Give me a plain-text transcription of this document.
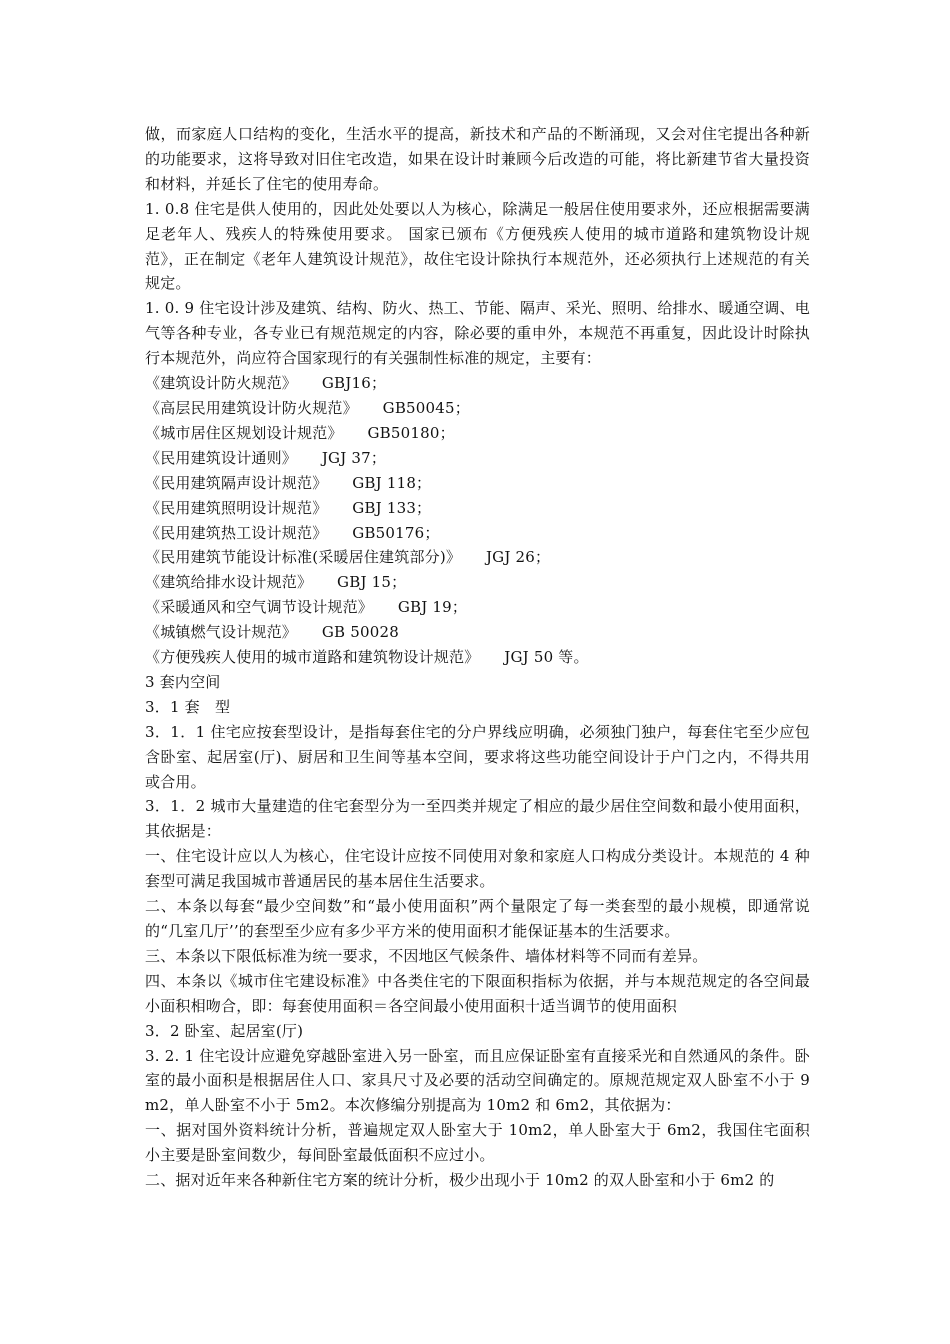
做，而家庭人口结构的变化，生活水平的提高，新技术和产品的不断涌现，又会对住宅提出各种新的功能要求，这将导致对旧住宅改造，如果在设计时兼顾今后改造的可能，将比新建节省大量投资和材料，并延长了住宅的使用寿命。

1. 0.8 住宅是供人使用的，因此处处要以人为核心，除满足一般居住使用要求外，还应根据需要满足老年人、残疾人的特殊使用要求。 国家已颁布《方便残疾人使用的城市道路和建筑物设计规范》，正在制定《老年人建筑设计规范》，故住宅设计除执行本规范外，还必须执行上述规范的有关规定。

1. 0. 9 住宅设计涉及建筑、结构、防火、热工、节能、隔声、采光、照明、给排水、暖通空调、电气等各种专业，各专业已有规范规定的内容，除必要的重申外，本规范不再重复，因此设计时除执行本规范外，尚应符合国家现行的有关强制性标准的规定，主要有：

《建筑设计防火规范》     GBJ16；

《高层民用建筑设计防火规范》     GB50045；

《城市居住区规划设计规范》     GB50180；

《民用建筑设计通则》     JGJ 37；

《民用建筑隔声设计规范》     GBJ 118；

《民用建筑照明设计规范》     GBJ 133；

《民用建筑热工设计规范》     GB50176；

《民用建筑节能设计标准(采暖居住建筑部分)》     JGJ 26；

《建筑给排水设计规范》     GBJ 15；

《采暖通风和空气调节设计规范》     GBJ 19；

《城镇燃气设计规范》     GB 50028

《方便残疾人使用的城市道路和建筑物设计规范》     JGJ 50 等。

3 套内空间

3．1 套　型

3．1．1 住宅应按套型设计，是指每套住宅的分户界线应明确，必须独门独户，每套住宅至少应包含卧室、起居室(厅)、厨居和卫生间等基本空间，要求将这些功能空间设计于户门之内，不得共用或合用。

3．1．2 城市大量建造的住宅套型分为一至四类并规定了相应的最少居住空间数和最小使用面积，其依据是：

一、住宅设计应以人为核心，住宅设计应按不同使用对象和家庭人口构成分类设计。本规范的 4 种套型可满足我国城市普通居民的基本居住生活要求。

二、本条以每套“最少空间数”和“最小使用面积”两个量限定了每一类套型的最小规模，即通常说的“几室几厅’’的套型至少应有多少平方米的使用面积才能保证基本的生活要求。

三、本条以下限低标准为统一要求，不因地区气候条件、墙体材料等不同而有差异。

四、本条以《城市住宅建设标准》中各类住宅的下限面积指标为依据，并与本规范规定的各空间最小面积相吻合，即：每套使用面积＝各空间最小使用面积十适当调节的使用面积

3．2 卧室、起居室(厅)

3. 2. 1 住宅设计应避免穿越卧室进入另一卧室，而且应保证卧室有直接采光和自然通风的条件。卧室的最小面积是根据居住人口、家具尺寸及必要的活动空间确定的。原规范规定双人卧室不小于 9m2，单人卧室不小于 5m2。本次修编分别提高为 10m2 和 6m2，其依据为：

一、据对国外资料统计分析，普遍规定双人卧室大于 10m2，单人卧室大于 6m2，我国住宅面积小主要是卧室间数少，每间卧室最低面积不应过小。

二、据对近年来各种新住宅方案的统计分析，极少出现小于 10m2 的双人卧室和小于 6m2 的
